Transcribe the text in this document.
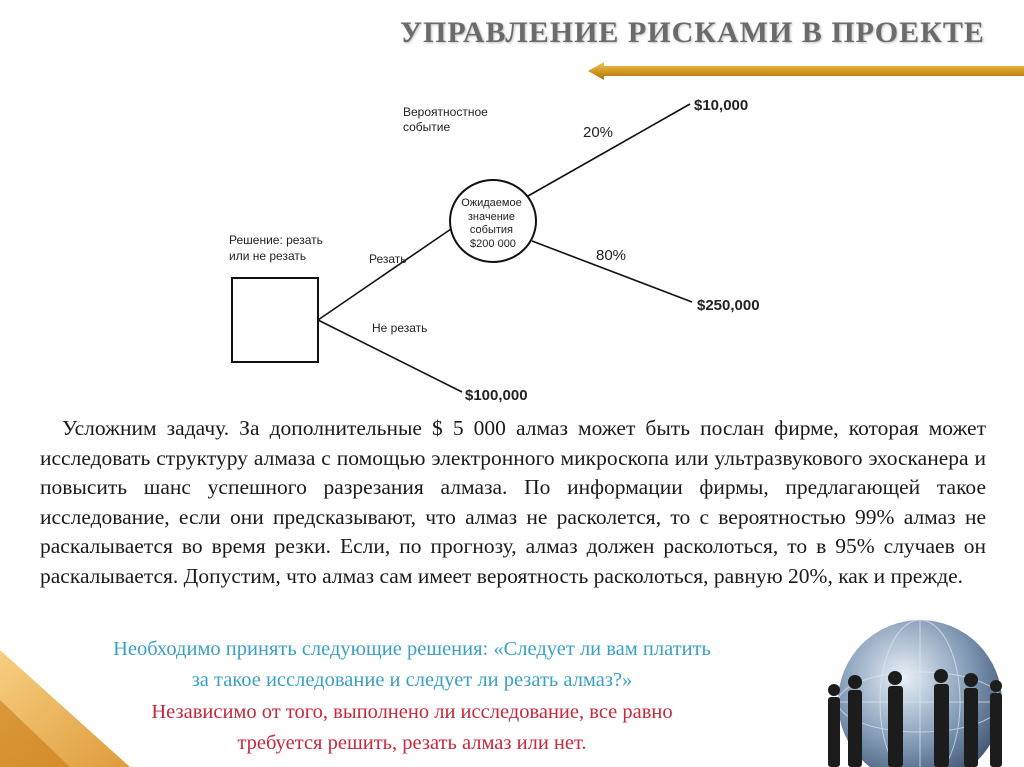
УПРАВЛЕНИЕ РИСКАМИ В ПРОЕКТЕ
Решение: резать или не резать	Резать
Не резать
Вероятностное событие
Ожидаемое значение события $200 000
20%
80%
$10,000
$250,000
$100,000
Усложним задачу. За дополнительные $ 5 000 алмаз может быть послан фирме, которая может исследовать структуру алмаза с помощью электронного микроскопа или ультразвукового эхосканера и повысить шанс успешного разрезания алмаза. По информации фирмы, предлагающей такое исследование, если они предсказывают, что алмаз не расколется, то с вероятностью 99% алмаз не раскалывается во время резки. Если, по прогнозу, алмаз должен расколоться, то в 95% случаев он раскалывается. Допустим, что алмаз сам имеет вероятность расколоться, равную 20%, как и прежде.
Необходимо принять следующие решения: «Следует ли вам платить
за такое исследование и следует ли резать алмаз?»
Независимо от того, выполнено ли исследование, все равно
требуется решить, резать алмаз или нет.
